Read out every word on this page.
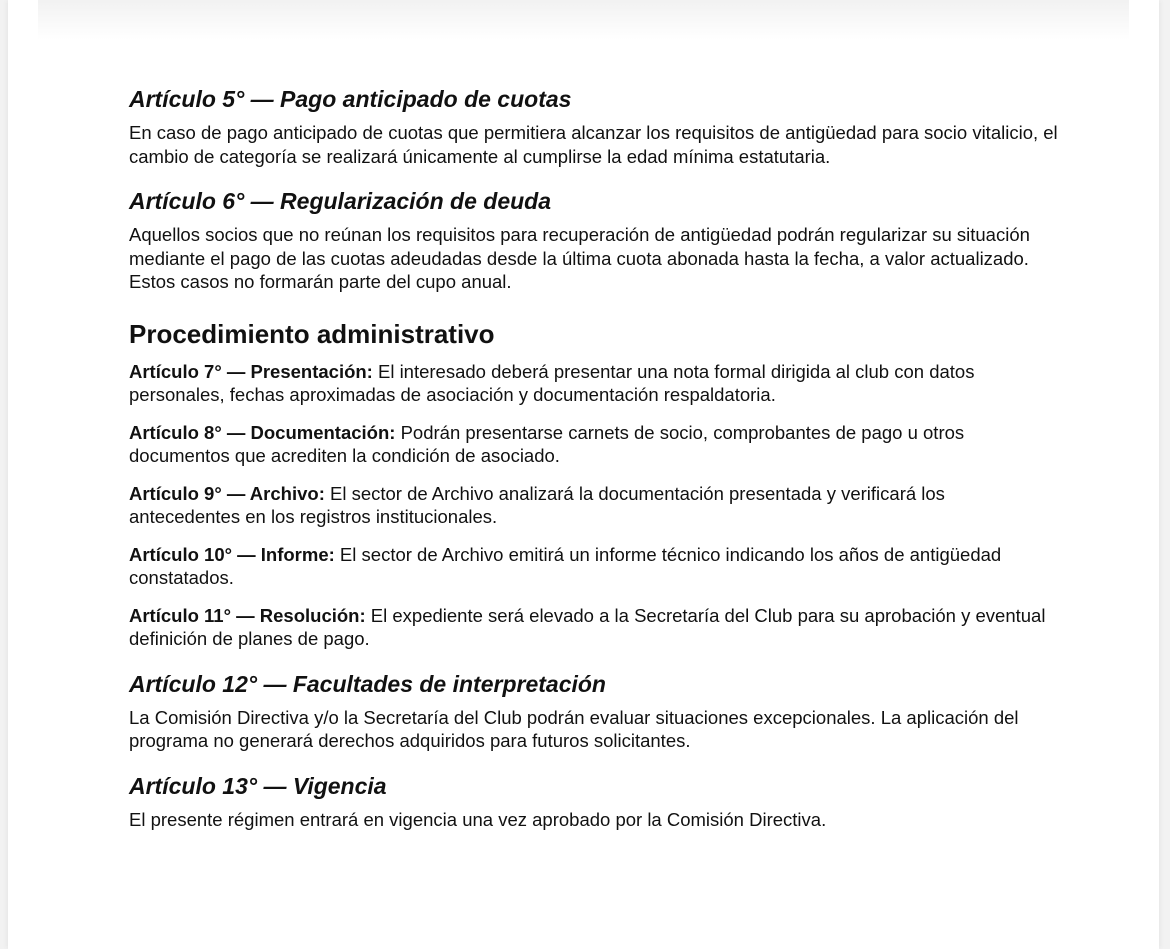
Artículo 5° — Pago anticipado de cuotas
En caso de pago anticipado de cuotas que permitiera alcanzar los requisitos de antigüedad para socio vitalicio, el cambio de categoría se realizará únicamente al cumplirse la edad mínima estatutaria.
Artículo 6° — Regularización de deuda
Aquellos socios que no reúnan los requisitos para recuperación de antigüedad podrán regularizar su situación mediante el pago de las cuotas adeudadas desde la última cuota abonada hasta la fecha, a valor actualizado. Estos casos no formarán parte del cupo anual.
Procedimiento administrativo
Artículo 7° — Presentación: El interesado deberá presentar una nota formal dirigida al club con datos personales, fechas aproximadas de asociación y documentación respaldatoria.
Artículo 8° — Documentación: Podrán presentarse carnets de socio, comprobantes de pago u otros documentos que acrediten la condición de asociado.
Artículo 9° — Archivo: El sector de Archivo analizará la documentación presentada y verificará los antecedentes en los registros institucionales.
Artículo 10° — Informe: El sector de Archivo emitirá un informe técnico indicando los años de antigüedad constatados.
Artículo 11° — Resolución: El expediente será elevado a la Secretaría del Club para su aprobación y eventual definición de planes de pago.
Artículo 12° — Facultades de interpretación
La Comisión Directiva y/o la Secretaría del Club podrán evaluar situaciones excepcionales. La aplicación del programa no generará derechos adquiridos para futuros solicitantes.
Artículo 13° — Vigencia
El presente régimen entrará en vigencia una vez aprobado por la Comisión Directiva.
